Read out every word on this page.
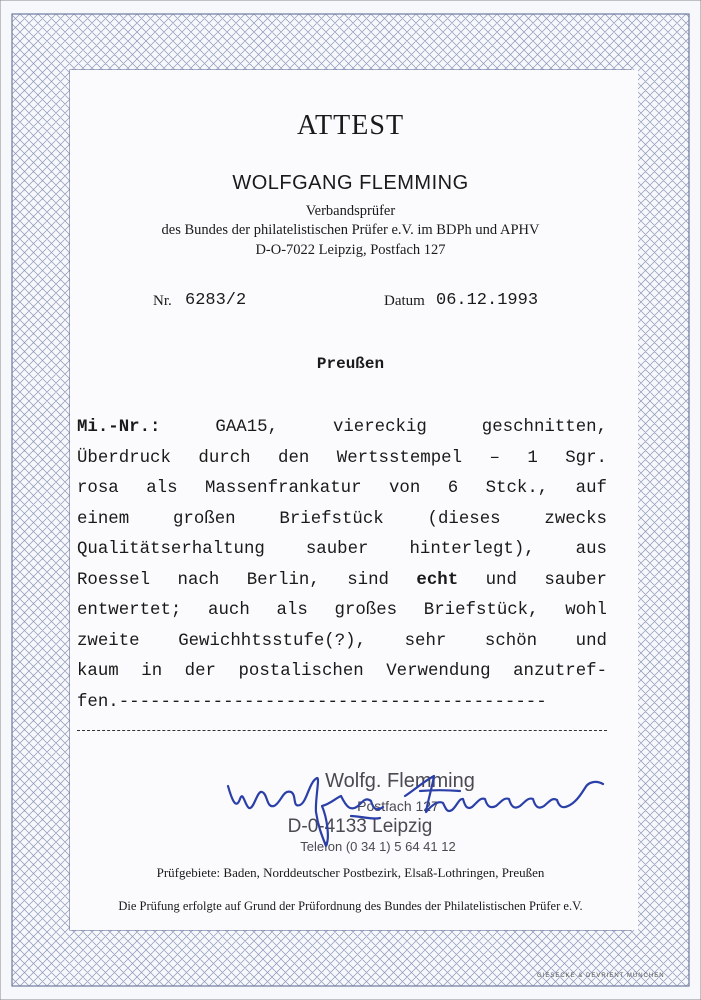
ATTEST
WOLFGANG FLEMMING
Verbandsprüfer
des Bundes der philatelistischen Prüfer e.V. im BDPh und APHV
D-O-7022 Leipzig, Postfach 127
Nr. 6283/2	Datum 06.12.1993
Preußen
Mi.-Nr.:	GAA15,	viereckig	geschnitten,
Überdruck durch den Wertsstempel – 1 Sgr.
rosa als Massenfrankatur von 6 Stck., auf
einem großen Briefstück (dieses zwecks
Qualitätserhaltung sauber hinterlegt), aus
Roessel nach Berlin, sind echt und sauber
entwertet; auch als großes Briefstück, wohl
zweite Gewichhtsstufe(?), sehr schön und
kaum in der postalischen Verwendung anzutref-
fen.-----------------------------------------
Wolfg. Flemming
Postfach 127
D-0-4133 Leipzig
Telefon (0 34 1) 5 64 41 12
Prüfgebiete: Baden, Norddeutscher Postbezirk, Elsaß-Lothringen, Preußen
Die Prüfung erfolgte auf Grund der Prüfordnung des Bundes der Philatelistischen Prüfer e.V.
GIESECKE & DEVRIENT MÜNCHEN
